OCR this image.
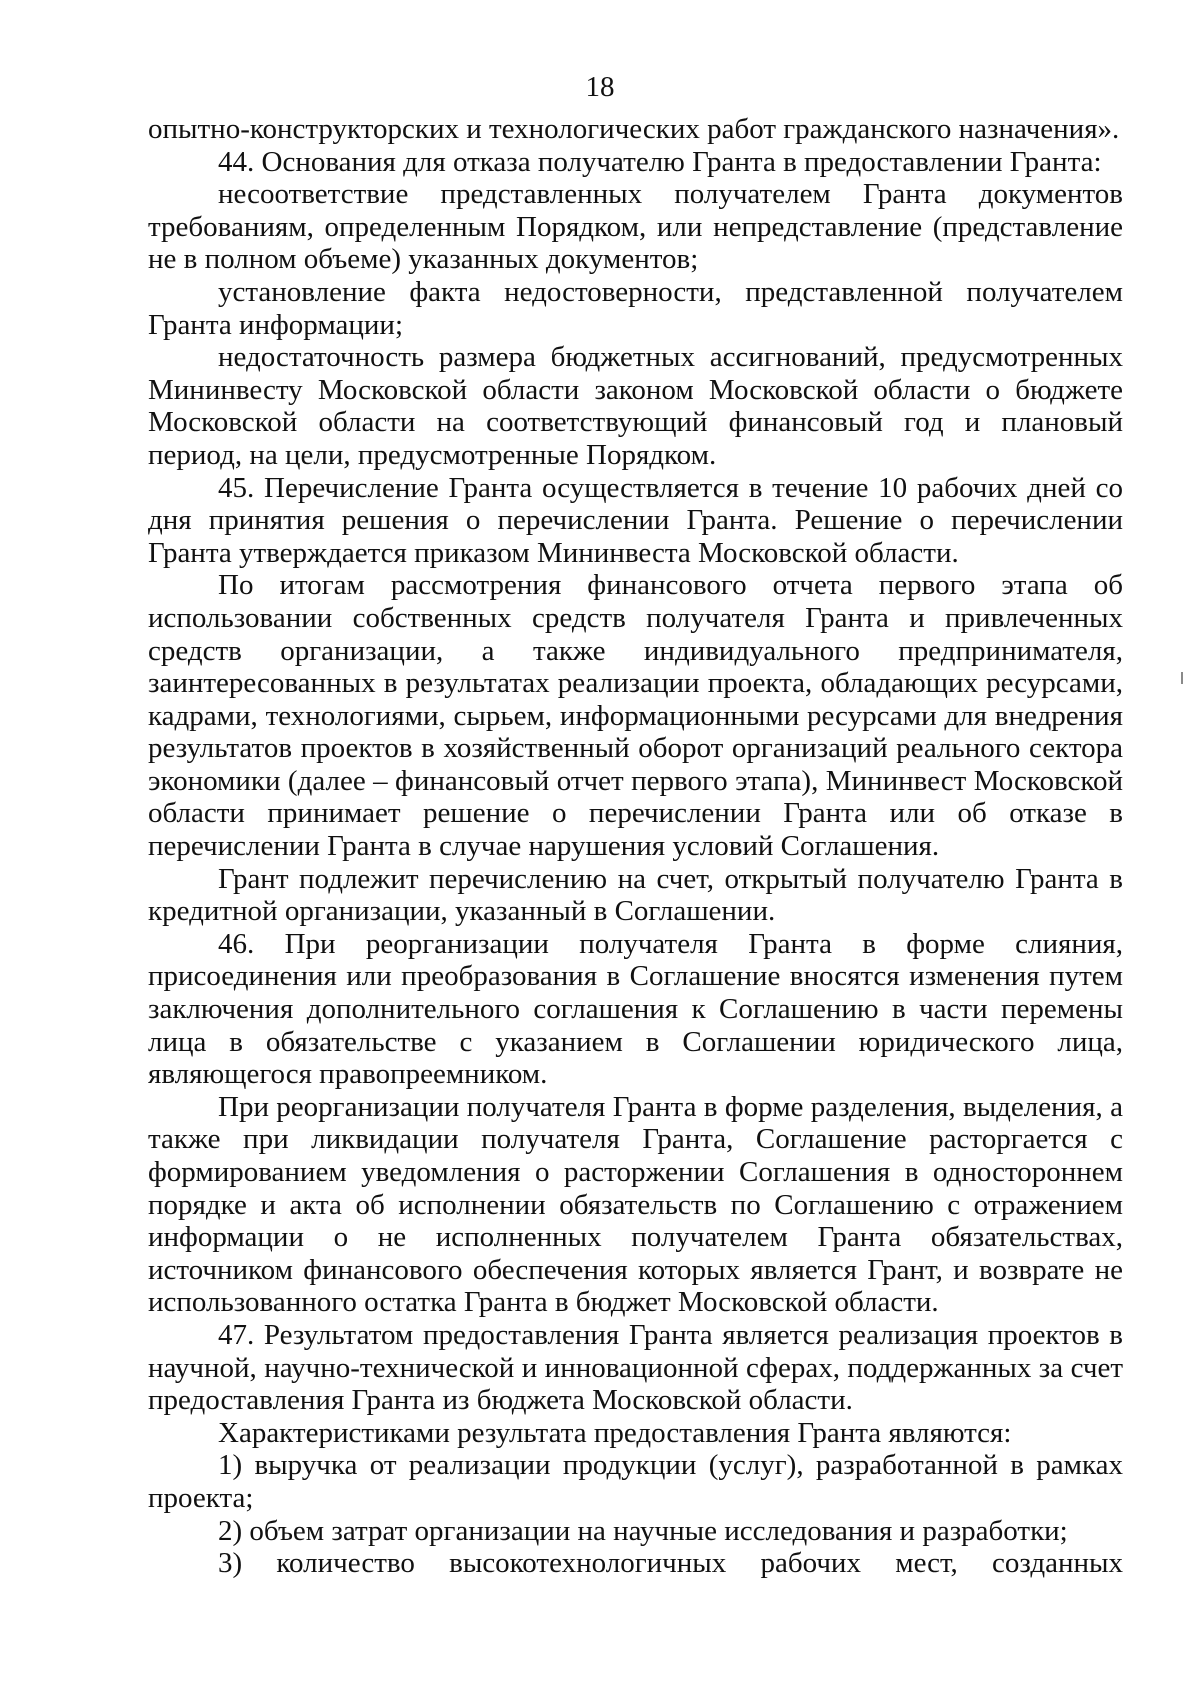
18

опытно-конструкторских и технологических работ гражданского назначения».

44. Основания для отказа получателю Гранта в предоставлении Гранта:

несоответствие представленных получателем Гранта документов требованиям, определенным Порядком, или непредставление (представление не в полном объеме) указанных документов;

установление факта недостоверности, представленной получателем Гранта информации;

недостаточность размера бюджетных ассигнований, предусмотренных Мининвесту Московской области законом Московской области о бюджете Московской области на соответствующий финансовый год и плановый период, на цели, предусмотренные Порядком.

45. Перечисление Гранта осуществляется в течение 10 рабочих дней со дня принятия решения о перечислении Гранта. Решение о перечислении Гранта утверждается приказом Мининвеста Московской области.

По итогам рассмотрения финансового отчета первого этапа об использовании собственных средств получателя Гранта и привлеченных средств организации, а также индивидуального предпринимателя, заинтересованных в результатах реализации проекта, обладающих ресурсами, кадрами, технологиями, сырьем, информационными ресурсами для внедрения результатов проектов в хозяйственный оборот организаций реального сектора экономики (далее – финансовый отчет первого этапа), Мининвест Московской области принимает решение о перечислении Гранта или об отказе в перечислении Гранта в случае нарушения условий Соглашения.

Грант подлежит перечислению на счет, открытый получателю Гранта в кредитной организации, указанный в Соглашении.

46. При реорганизации получателя Гранта в форме слияния, присоединения или преобразования в Соглашение вносятся изменения путем заключения дополнительного соглашения к Соглашению в части перемены лица в обязательстве с указанием в Соглашении юридического лица, являющегося правопреемником.

При реорганизации получателя Гранта в форме разделения, выделения, а также при ликвидации получателя Гранта, Соглашение расторгается с формированием уведомления о расторжении Соглашения в одностороннем порядке и акта об исполнении обязательств по Соглашению с отражением информации о не исполненных получателем Гранта обязательствах, источником финансового обеспечения которых является Грант, и возврате не использованного остатка Гранта в бюджет Московской области.

47. Результатом предоставления Гранта является реализация проектов в научной, научно-технической и инновационной сферах, поддержанных за счет предоставления Гранта из бюджета Московской области.

Характеристиками результата предоставления Гранта являются:

1) выручка от реализации продукции (услуг), разработанной в рамках проекта;

2) объем затрат организации на научные исследования и разработки;

3) количество высокотехнологичных рабочих мест, созданных
